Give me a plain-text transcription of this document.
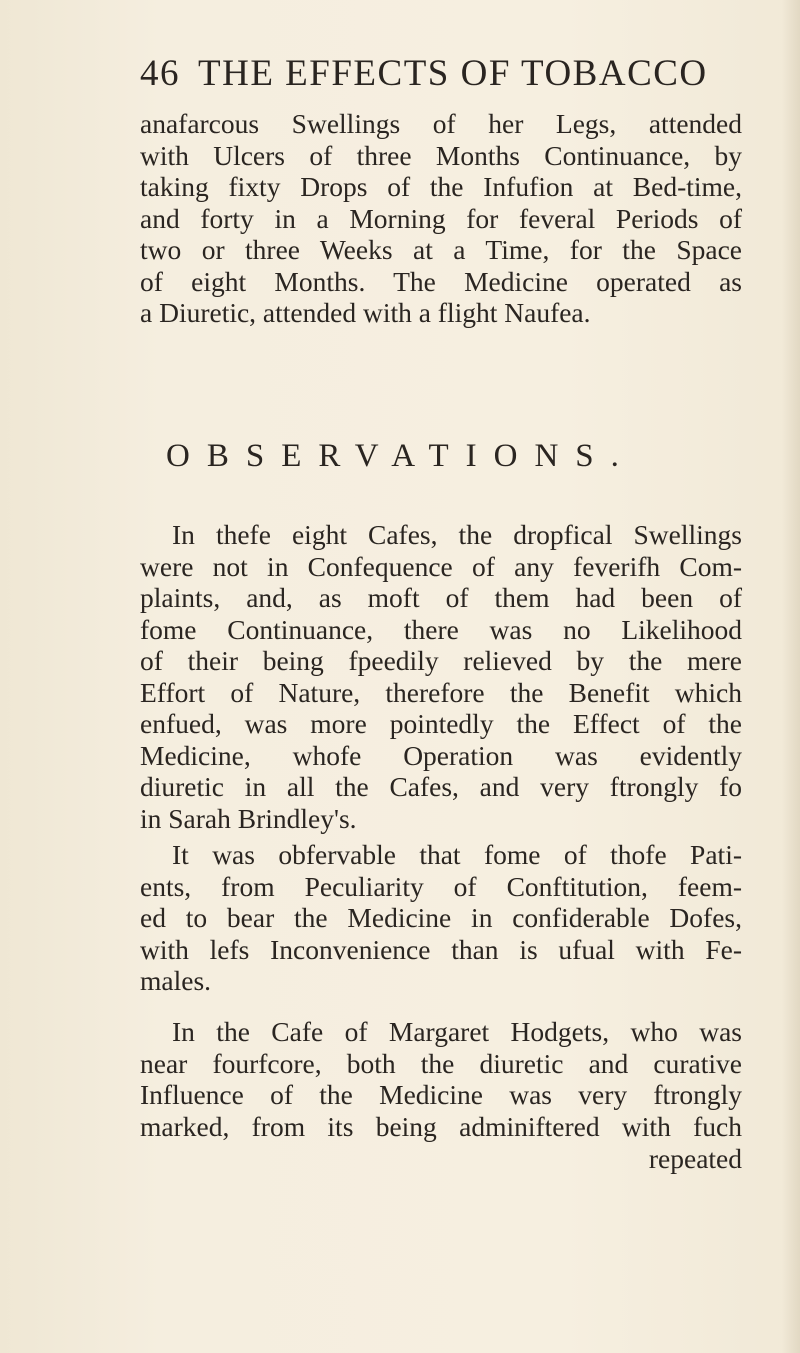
46 THE EFFECTS OF TOBACCO
anafarcous Swellings of her Legs, attended
with Ulcers of three Months Continuance, by
taking fixty Drops of the Infufion at Bed-time,
and forty in a Morning for feveral Periods of
two or three Weeks at a Time, for the Space
of eight Months. The Medicine operated as
a Diuretic, attended with a flight Naufea.
OBSERVATIONS.
In thefe eight Cafes, the dropfical Swellings
were not in Confequence of any feverifh Com-
plaints, and, as moft of them had been of
fome Continuance, there was no Likelihood
of their being fpeedily relieved by the mere
Effort of Nature, therefore the Benefit which
enfued, was more pointedly the Effect of the
Medicine, whofe Operation was evidently
diuretic in all the Cafes, and very ftrongly fo
in Sarah Brindley's.
It was obfervable that fome of thofe Pati-
ents, from Peculiarity of Conftitution, feem-
ed to bear the Medicine in confiderable Dofes,
with lefs Inconvenience than is ufual with Fe-
males.
In the Cafe of Margaret Hodgets, who was
near fourfcore, both the diuretic and curative
Influence of the Medicine was very ftrongly
marked, from its being adminiftered with fuch
repeated
